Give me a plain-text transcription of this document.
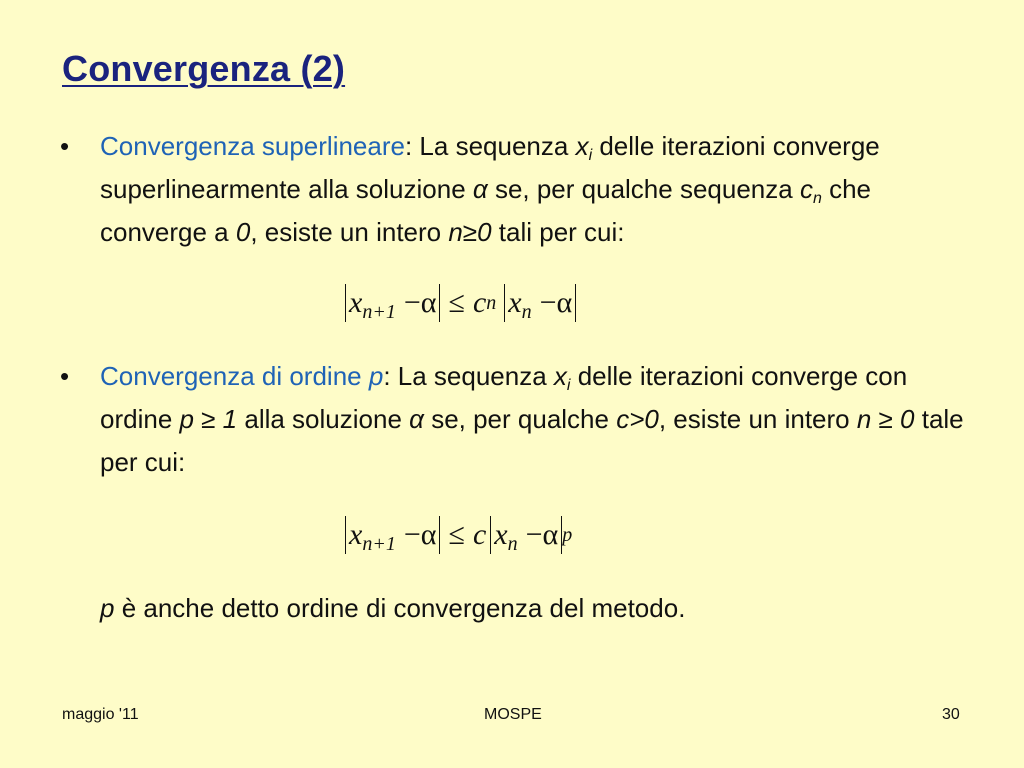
Convergenza (2)
• Convergenza superlineare: La sequenza $x_i$ delle iterazioni converge superlinearmente alla soluzione α se, per qualche sequenza $c_n$ che converge a 0, esiste un intero n≥0 tali per cui:
$x_{n+1} -\alpha \le c$ n $x_n -\alpha$
• Convergenza di ordine p: La sequenza $x_i$ delle iterazioni converge con ordine p ≥ 1 alla soluzione α se, per qualche c>0, esiste un intero n ≥ 0 tale per cui:
$x_{n+1} -\alpha \le c$ $x_n -\alpha$ p
p è anche detto ordine di convergenza del metodo.
maggio '11	MOSPE	30
